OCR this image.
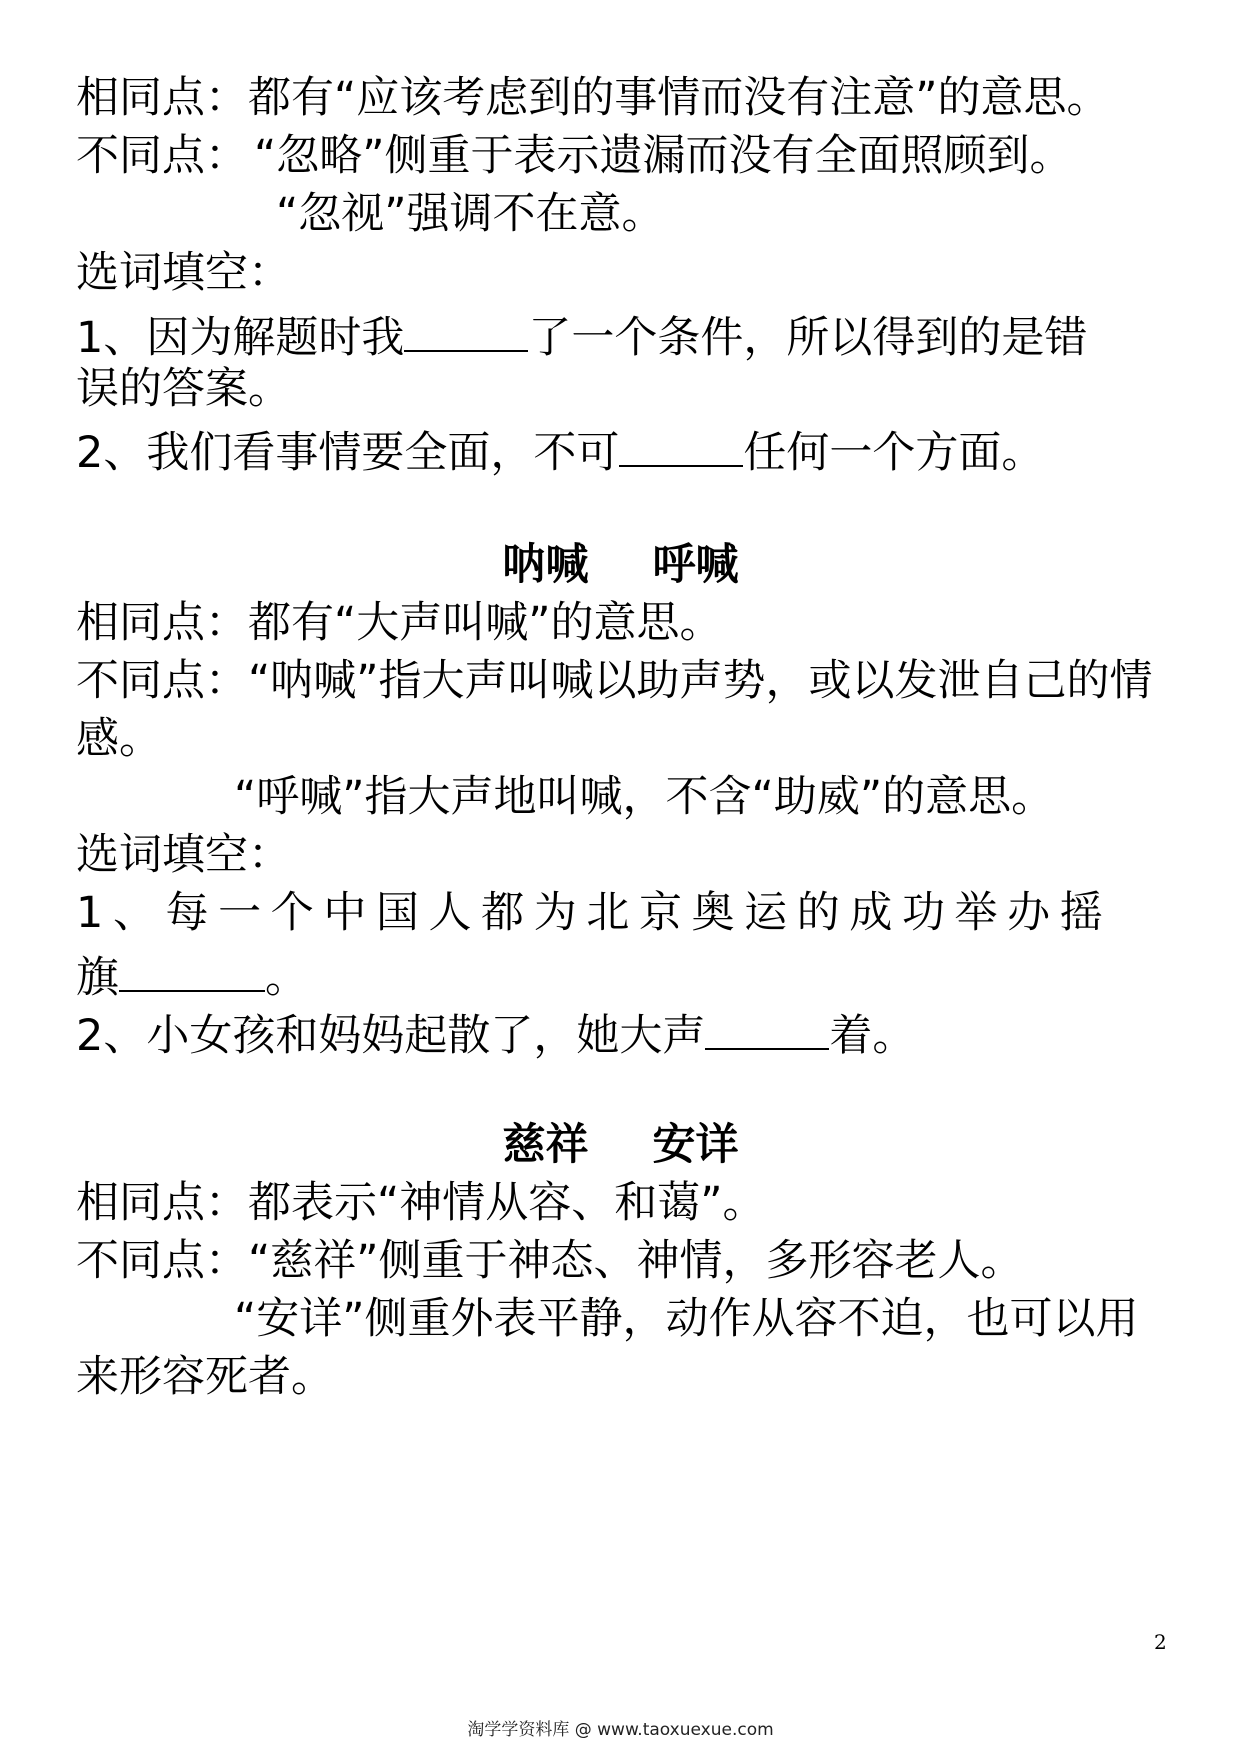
相同点：都有“应该考虑到的事情而没有注意”的意思。
不同点： “忽略”侧重于表示遗漏而没有全面照顾到。
“忽视”强调不在意。
选词填空：
1、因为解题时我	了一个条件，所以得到的是错
误的答案。
2、我们看事情要全面，不可	任何一个方面。
呐喊 呼喊
相同点：都有“大声叫喊”的意思。
不同点：“呐喊”指大声叫喊以助声势，或以发泄自己的情
感。
“呼喊”指大声地叫喊，不含“助威”的意思。
选词填空：
1、每一个中国人都为北京奥运的成功举办摇
旗	。
2、小女孩和妈妈起散了，她大声	着。
慈祥 安详
相同点：都表示“神情从容、和蔼”。
不同点：“慈祥”侧重于神态、神情，多形容老人。
“安详”侧重外表平静，动作从容不迫，也可以用
来形容死者。
2
淘学学资料库 @ www.taoxuexue.com
